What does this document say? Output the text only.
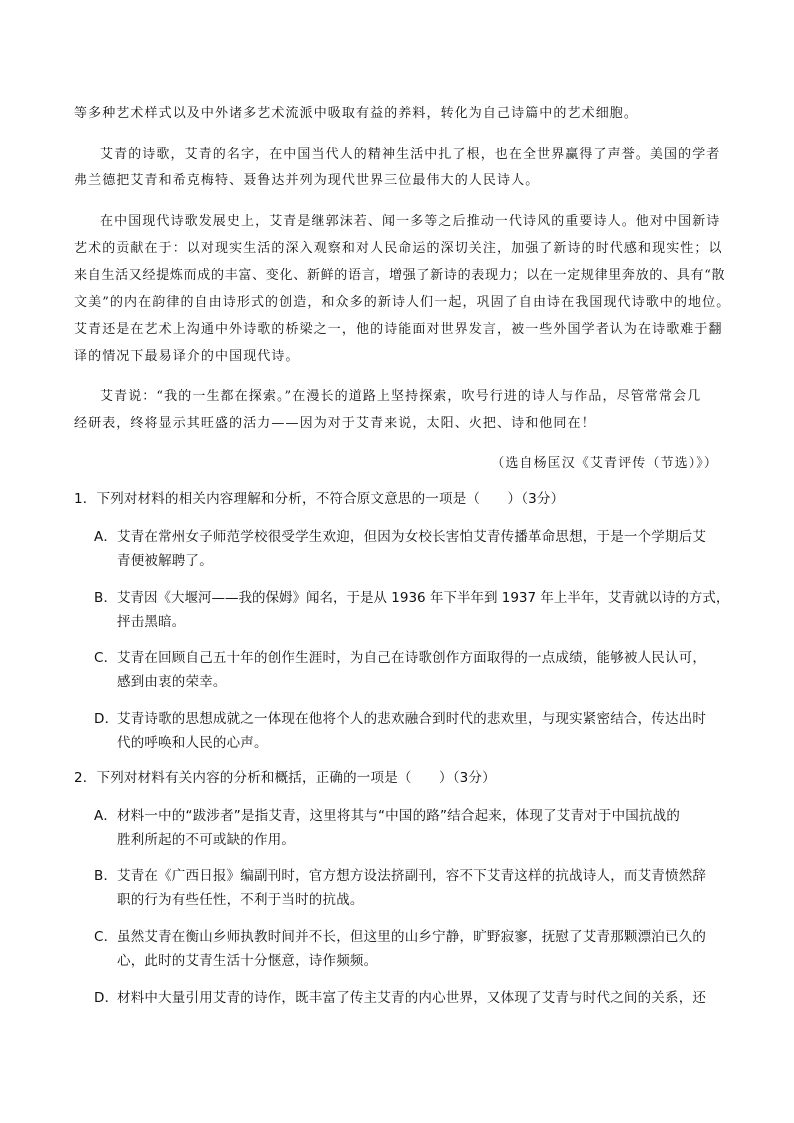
等多种艺术样式以及中外诸多艺术流派中吸取有益的养料，转化为自己诗篇中的艺术细胞。
艾青的诗歌，艾青的名字，在中国当代人的精神生活中扎了根，也在全世界赢得了声誉。美国的学者
弗兰德把艾青和希克梅特、聂鲁达并列为现代世界三位最伟大的人民诗人。
在中国现代诗歌发展史上，艾青是继郭沫若、闻一多等之后推动一代诗风的重要诗人。他对中国新诗
艺术的贡献在于：以对现实生活的深入观察和对人民命运的深切关注，加强了新诗的时代感和现实性；以
来自生活又经提炼而成的丰富、变化、新鲜的语言，增强了新诗的表现力；以在一定规律里奔放的、具有“散
文美”的内在韵律的自由诗形式的创造，和众多的新诗人们一起，巩固了自由诗在我国现代诗歌中的地位。
艾青还是在艺术上沟通中外诗歌的桥梁之一，他的诗能面对世界发言，被一些外国学者认为在诗歌难于翻
译的情况下最易译介的中国现代诗。
艾青说：“我的一生都在探索。”在漫长的道路上坚持探索，吹号行进的诗人与作品，尽管常常会几
经研表，终将显示其旺盛的活力——因为对于艾青来说，太阳、火把、诗和他同在！
（选自杨匡汉《艾青评传（节选）》）
1．下列对材料的相关内容理解和分析，不符合原文意思的一项是（　　）（3分）
A． 艾青在常州女子师范学校很受学生欢迎，但因为女校长害怕艾青传播革命思想，于是一个学期后艾
青便被解聘了。
B． 艾青因《大堰河——我的保姆》闻名，于是从 1936 年下半年到 1937 年上半年，艾青就以诗的方式，
抨击黑暗。
C． 艾青在回顾自己五十年的创作生涯时，为自己在诗歌创作方面取得的一点成绩，能够被人民认可，
感到由衷的荣幸。
D．
艾青诗歌的思想成就之一体现在他将个人的悲欢融合到时代的悲欢里，与现实紧密结合，传达出时
代的呼唤和人民的心声。
2．下列对材料有关内容的分析和概括，正确的一项是（　　）（3分）
A． 材料一中的“跋涉者”是指艾青，这里将其与“中国的路”结合起来，体现了艾青对于中国抗战的
胜利所起的不可或缺的作用。
B． 艾青在《广西日报》编副刊时，官方想方设法挤副刊，容不下艾青这样的抗战诗人，而艾青愤然辞
职的行为有些任性，不利于当时的抗战。
C． 虽然艾青在衡山乡师执教时间并不长，但这里的山乡宁静，旷野寂寥，抚慰了艾青那颗漂泊已久的
心，此时的艾青生活十分惬意，诗作频频。
D．
材料中大量引用艾青的诗作，既丰富了传主艾青的内心世界，又体现了艾青与时代之间的关系，还
